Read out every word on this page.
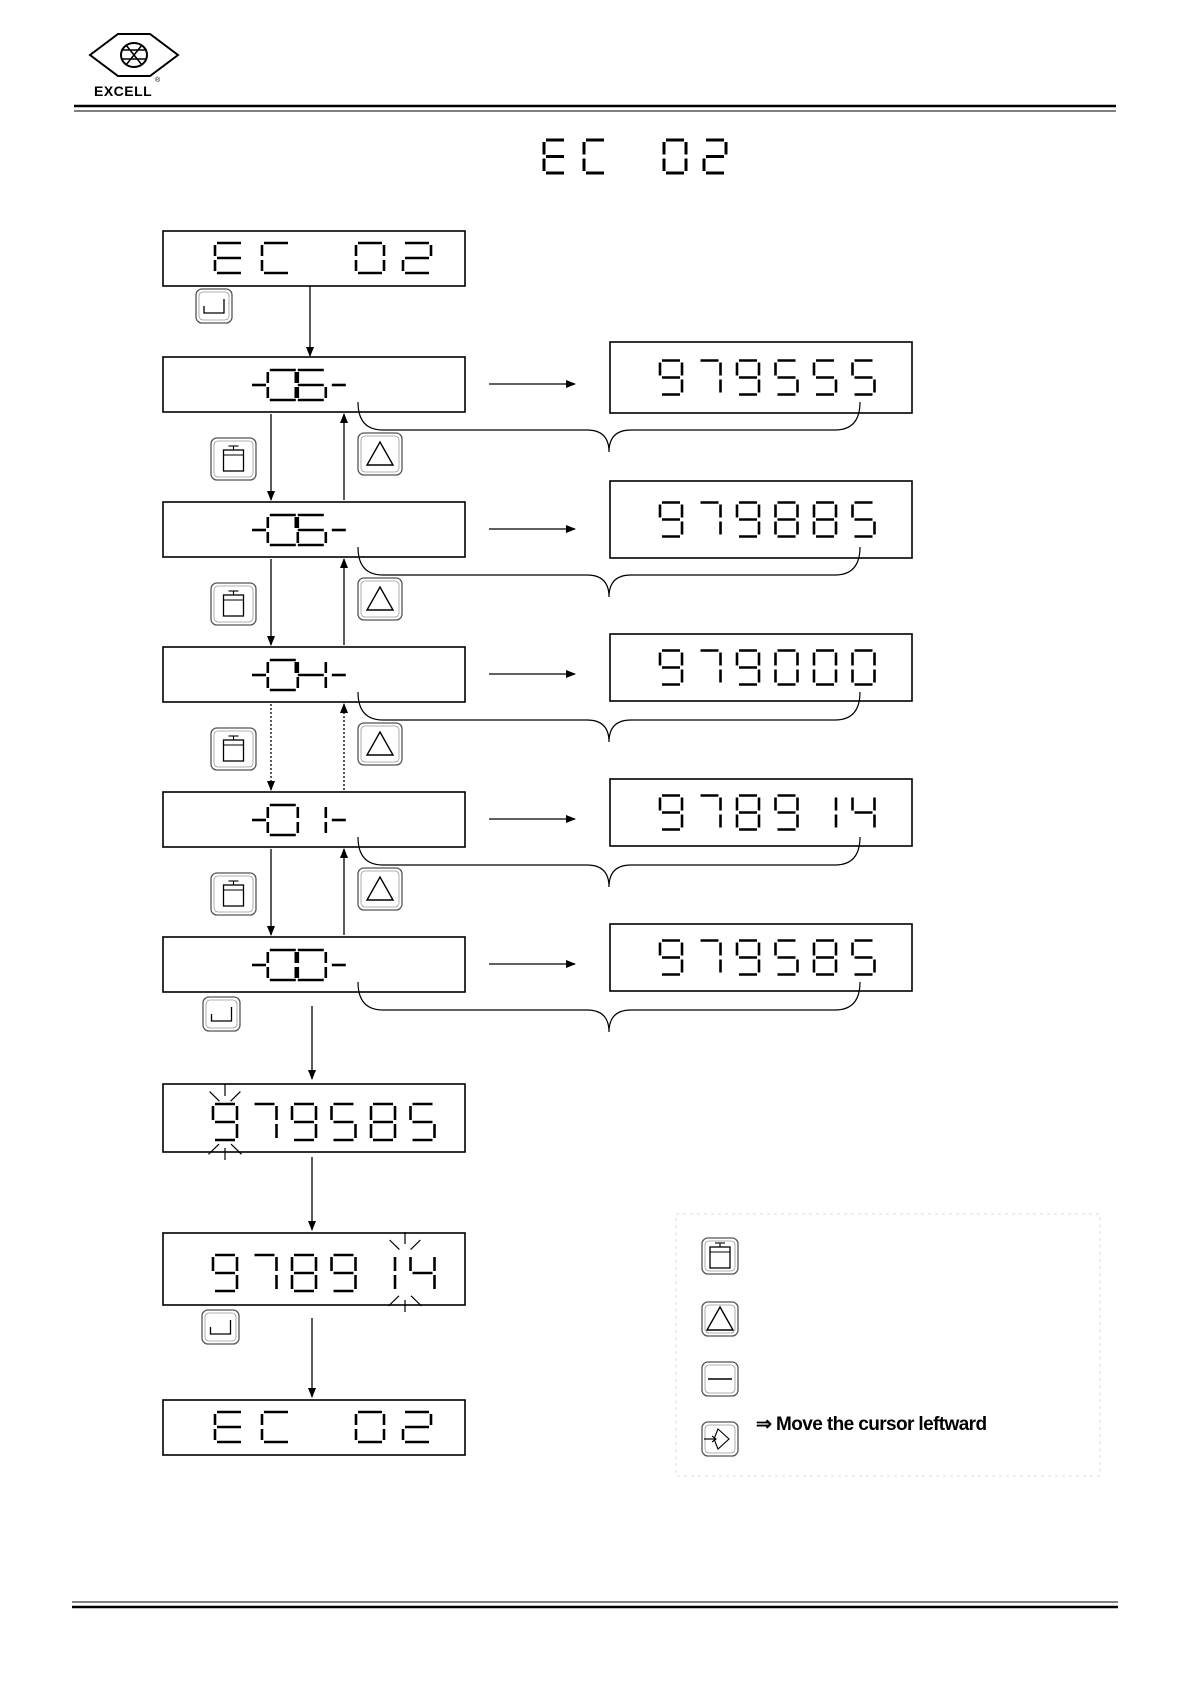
EXCELL
®
⇒ Move the cursor leftward
